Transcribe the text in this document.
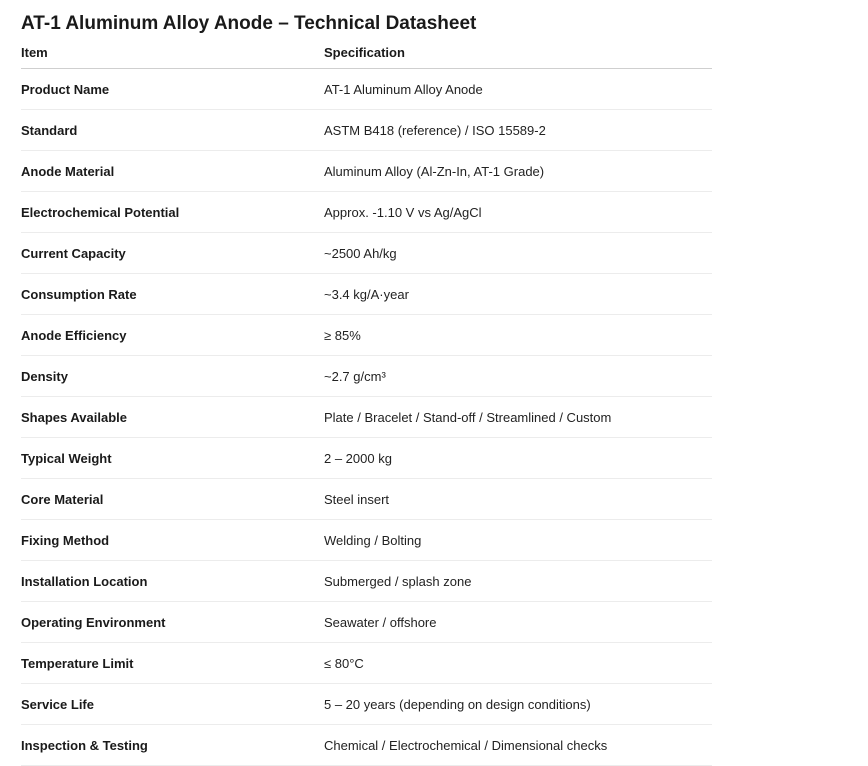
AT-1 Aluminum Alloy Anode – Technical Datasheet
Item	Specification
Product Name	AT-1 Aluminum Alloy Anode
Standard	ASTM B418 (reference) / ISO 15589-2
Anode Material	Aluminum Alloy (Al-Zn-In, AT-1 Grade)
Electrochemical Potential	Approx. -1.10 V vs Ag/AgCl
Current Capacity	~2500 Ah/kg
Consumption Rate	~3.4 kg/A·year
Anode Efficiency	≥ 85%
Density	~2.7 g/cm³
Shapes Available	Plate / Bracelet / Stand-off / Streamlined / Custom
Typical Weight	2 – 2000 kg
Core Material	Steel insert
Fixing Method	Welding / Bolting
Installation Location	Submerged / splash zone
Operating Environment	Seawater / offshore
Temperature Limit	≤ 80°C
Service Life	5 – 20 years (depending on design conditions)
Inspection & Testing	Chemical / Electrochemical / Dimensional checks
